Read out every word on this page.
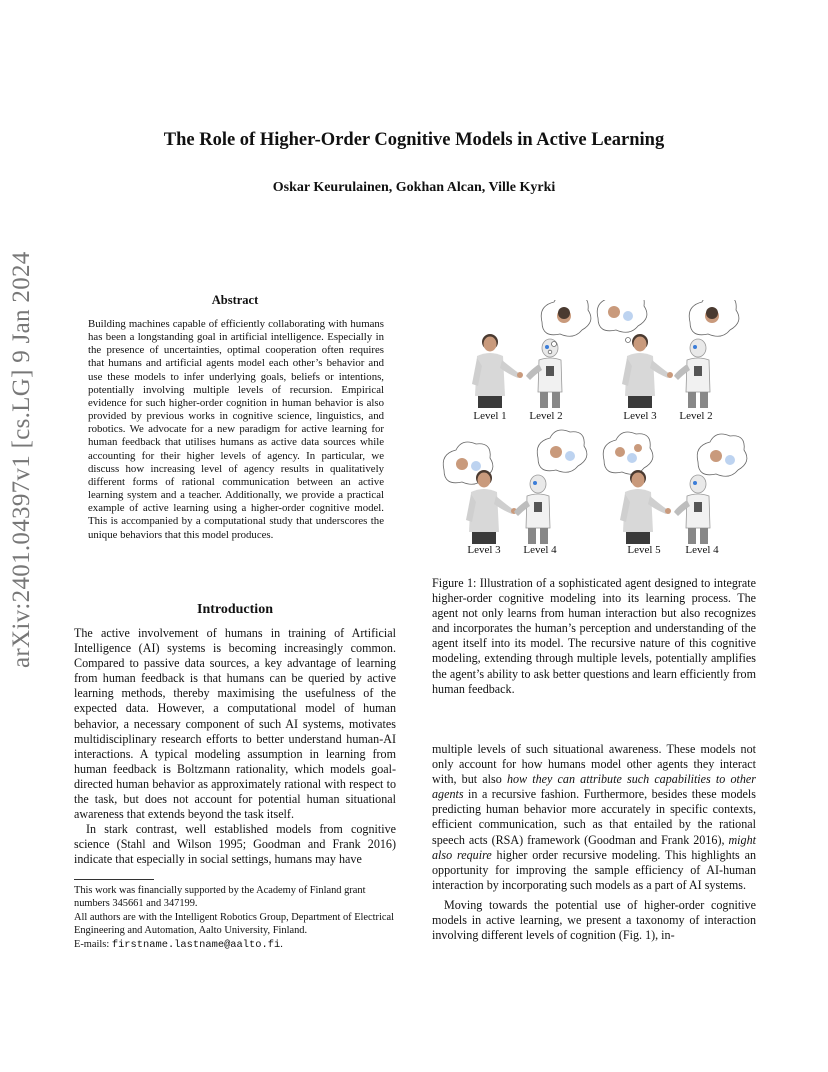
The Role of Higher-Order Cognitive Models in Active Learning
Oskar Keurulainen, Gokhan Alcan, Ville Kyrki
arXiv:2401.04397v1 [cs.LG] 9 Jan 2024	Abstract
Building machines capable of efficiently collaborating with humans has been a longstanding goal in artificial intelligence. Especially in the presence of uncertainties, optimal cooperation often requires that humans and artificial agents model each other’s behavior and use these models to infer underlying goals, beliefs or intentions, potentially involving multiple levels of recursion. Empirical evidence for such higher-order cognition in human behavior is also provided by previous works in cognitive science, linguistics, and robotics. We advocate for a new paradigm for active learning for human feedback that utilises humans as active data sources while accounting for their higher levels of agency. In particular, we discuss how increasing level of agency results in qualitatively different forms of rational communication between an active learning system and a teacher. Additionally, we provide a practical example of active learning using a higher-order cognitive model. This is accompanied by a computational study that underscores the unique behaviors that this model produces.
Introduction

The active involvement of humans in training of Artificial Intelligence (AI) systems is becoming increasingly common. Compared to passive data sources, a key advantage of learning from human feedback is that humans can be queried by active learning methods, thereby maximising the usefulness of the expected data. However, a computational model of human behavior, a necessary component of such AI systems, motivates multidisciplinary research efforts to better understand human-AI interactions. A typical modeling assumption in learning from human feedback is Boltzmann rationality, which models goal-directed human behavior as approximately rational with respect to the task, but does not account for potential human situational awareness that extends beyond the task itself.

In stark contrast, well established models from cognitive science (Stahl and Wilson 1995; Goodman and Frank 2016) indicate that especially in social settings, humans may have

This work was financially supported by the Academy of Finland grant numbers 345661 and 347199.

All authors are with the Intelligent Robotics Group, Department of Electrical Engineering and Automation, Aalto University, Finland.

E-mails: firstname.lastname@aalto.fi.

Level 1 Level 2	Level 3 Level 2
Level 3 Level 4	Level 5 Level 4
Figure 1: Illustration of a sophisticated agent designed to integrate higher-order cognitive modeling into its learning process. The agent not only learns from human interaction but also recognizes and incorporates the human’s perception and understanding of the agent itself into its model. The recursive nature of this cognitive modeling, extending through multiple levels, potentially amplifies the agent’s ability to ask better questions and learn efficiently from human feedback.

multiple levels of such situational awareness. These models not only account for how humans model other agents they interact with, but also how they can attribute such capabilities to other agents in a recursive fashion. Furthermore, besides these models predicting human behavior more accurately in specific contexts, efficient communication, such as that entailed by the rational speech acts (RSA) framework (Goodman and Frank 2016), might also require higher order recursive modeling. This highlights an opportunity for improving the sample efficiency of AI-human interaction by incorporating such models as a part of AI systems.

Moving towards the potential use of higher-order cognitive models in active learning, we present a taxonomy of interaction involving different levels of cognition (Fig. 1), in-
